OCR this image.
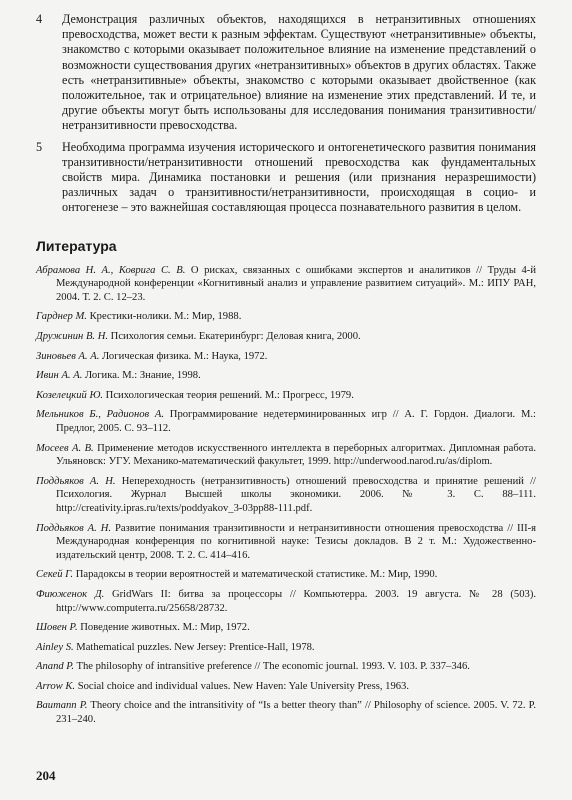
4	Демонстрация различных объектов, находящихся в нетранзитивных отношениях превосходства, может вести к разным эффектам. Существуют «нетранзитивные» объекты, знакомство с которыми оказывает положительное влияние на изменение представлений о возможности существования других «нетранзитивных» объектов в других областях. Также есть «нетранзитивные» объекты, знакомство с которыми оказывает двойственное (как положительное, так и отрицательное) влияние на изменение этих представлений. И те, и другие объекты могут быть использованы для исследования понимания транзитивности/нетранзитивности превосходства.
5	Необходима программа изучения исторического и онтогенетического развития понимания транзитивности/нетранзитивности отношений превосходства как фундаментальных свойств мира. Динамика постановки и решения (или признания неразрешимости) различных задач о транзитивности/нетранзитивности, происходящая в социо- и онтогенезе – это важнейшая составляющая процесса познавательного развития в целом.
Литература

Абрамова Н. А., Коврига С. В. О рисках, связанных с ошибками экспертов и аналитиков // Труды 4-й Международной конференции «Когнитивный анализ и управление развитием ситуаций». М.: ИПУ РАН, 2004. Т. 2. С. 12–23.

Гарднер М. Крестики-нолики. М.: Мир, 1988.

Дружинин В. Н. Психология семьи. Екатеринбург: Деловая книга, 2000.

Зиновьев А. А. Логическая физика. М.: Наука, 1972.

Ивин А. А. Логика. М.: Знание, 1998.

Козелецкий Ю. Психологическая теория решений. М.: Прогресс, 1979.

Мельников Б., Радионов А. Программирование недетерминированных игр // А. Г. Гордон. Диалоги. М.: Предлог, 2005. С. 93–112.

Мосеев А. В. Применение методов искусственного интеллекта в переборных алгоритмах. Дипломная работа. Ульяновск: УГУ. Механико-математический факультет, 1999. http://underwood.narod.ru/as/diplom.

Поддьяков А. Н. Непереходность (нетранзитивность) отношений превосходства и принятие решений // Психология. Журнал Высшей школы экономики. 2006. № 3. С. 88–111. http://creativity.ipras.ru/texts/poddyakov_3-03pp88-111.pdf.

Поддьяков А. Н. Развитие понимания транзитивности и нетранзитивности отношения превосходства // III-я Международная конференция по когнитивной науке: Тезисы докладов. В 2 т. М.: Художественно-издательский центр, 2008. Т. 2. С. 414–416.

Секей Г. Парадоксы в теории вероятностей и математической статистике. М.: Мир, 1990.

Фиюженок Д. GridWars II: битва за процессоры // Компьютерра. 2003. 19 августа. № 28 (503). http://www.computerra.ru/25658/28732.

Шовен Р. Поведение животных. М.: Мир, 1972.

Ainley S. Mathematical puzzles. New Jersey: Prentice-Hall, 1978.

Anand P. The philosophy of intransitive preference // The economic journal. 1993. V. 103. P. 337–346.

Arrow K. Social choice and individual values. New Haven: Yale University Press, 1963.

Baumann P. Theory choice and the intransitivity of “Is a better theory than” // Philosophy of science. 2005. V. 72. P. 231–240.

204
